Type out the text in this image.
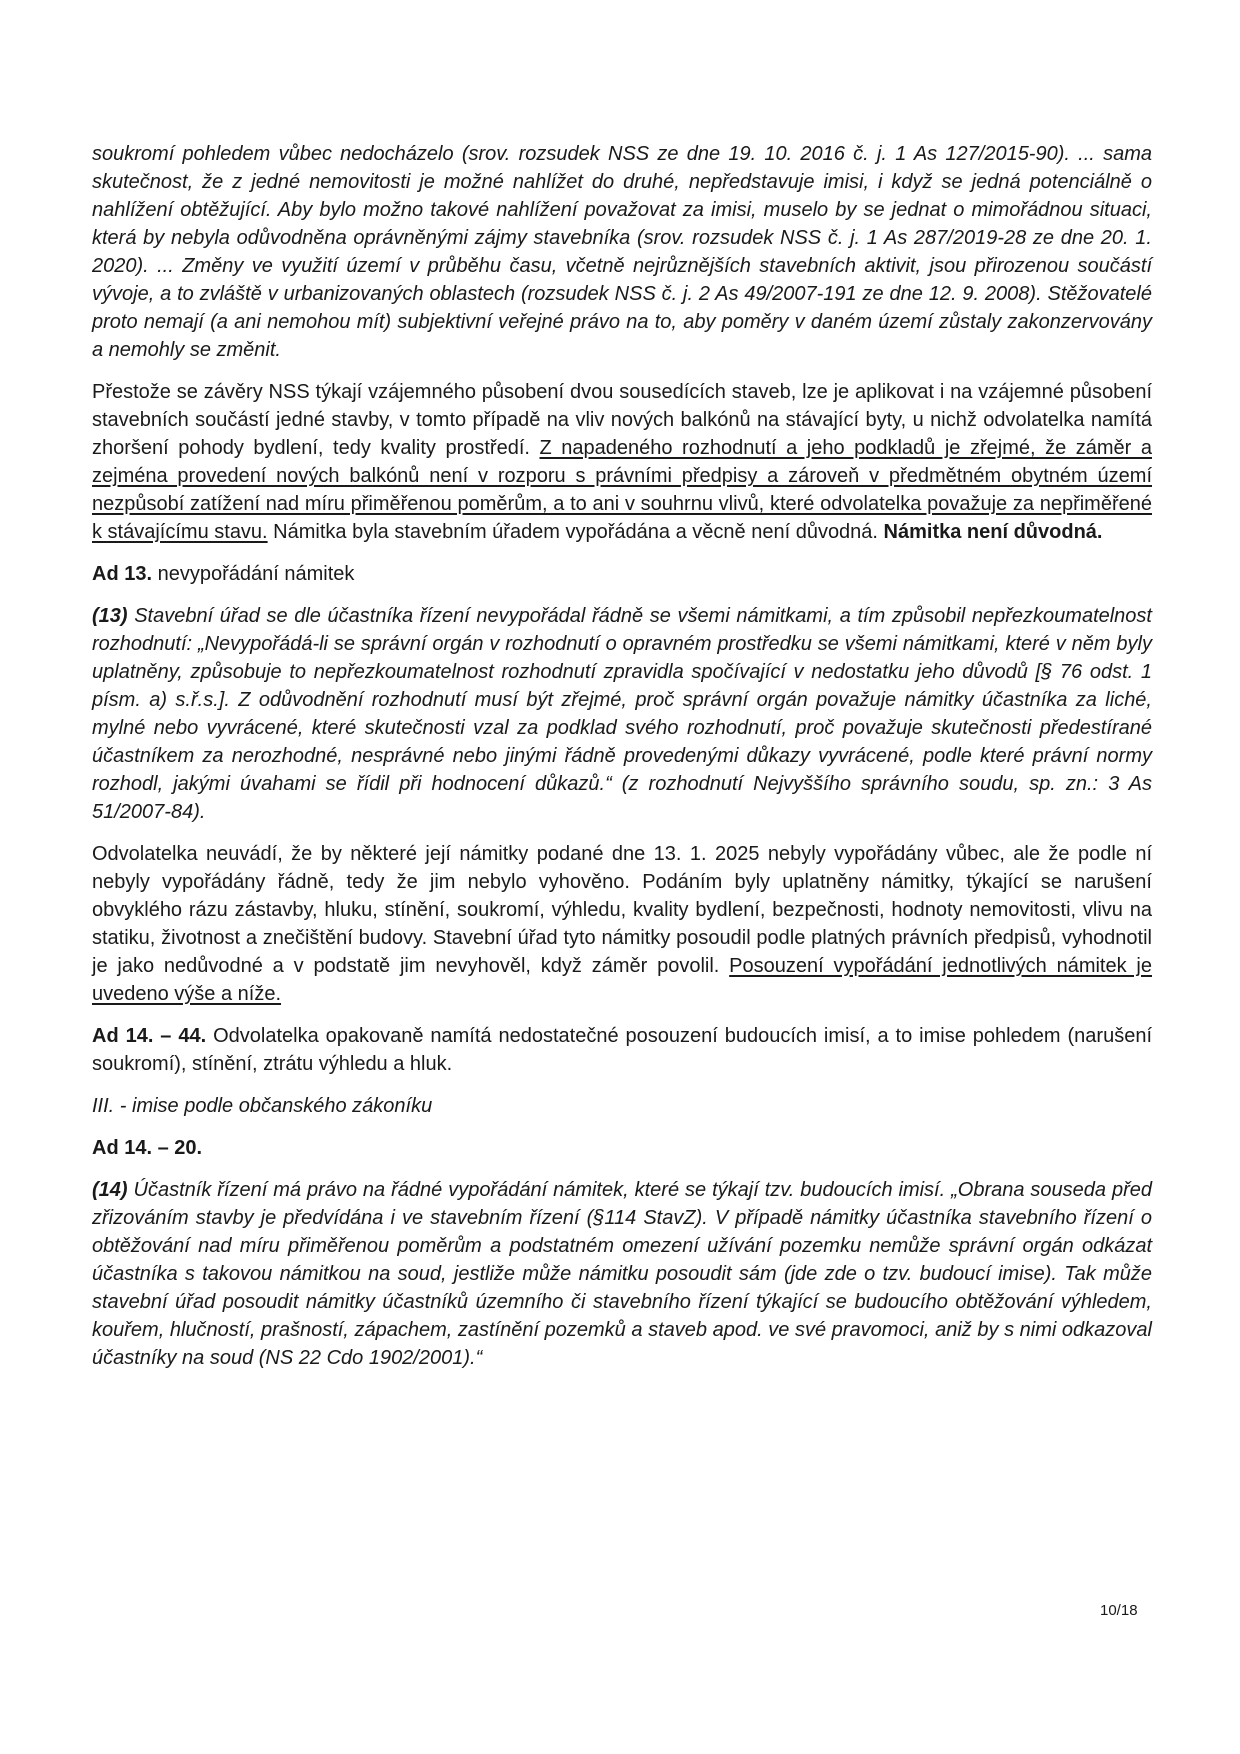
soukromí pohledem vůbec nedocházelo (srov. rozsudek NSS ze dne 19. 10. 2016 č. j. 1 As 127/2015-90). ... sama skutečnost, že z jedné nemovitosti je možné nahlížet do druhé, nepředstavuje imisi, i když se jedná potenciálně o nahlížení obtěžující. Aby bylo možno takové nahlížení považovat za imisi, muselo by se jednat o mimořádnou situaci, která by nebyla odůvodněna oprávněnými zájmy stavebníka (srov. rozsudek NSS č. j. 1 As 287/2019-28 ze dne 20. 1. 2020). ... Změny ve využití území v průběhu času, včetně nejrůznějších stavebních aktivit, jsou přirozenou součástí vývoje, a to zvláště v urbanizovaných oblastech (rozsudek NSS č. j. 2 As 49/2007-191 ze dne 12. 9. 2008). Stěžovatelé proto nemají (a ani nemohou mít) subjektivní veřejné právo na to, aby poměry v daném území zůstaly zakonzervovány a nemohly se změnit.

Přestože se závěry NSS týkají vzájemného působení dvou sousedících staveb, lze je aplikovat i na vzájemné působení stavebních součástí jedné stavby, v tomto případě na vliv nových balkónů na stávající byty, u nichž odvolatelka namítá zhoršení pohody bydlení, tedy kvality prostředí. Z napadeného rozhodnutí a jeho podkladů je zřejmé, že záměr a zejména provedení nových balkónů není v rozporu s právními předpisy a zároveň v předmětném obytném území nezpůsobí zatížení nad míru přiměřenou poměrům, a to ani v souhrnu vlivů, které odvolatelka považuje za nepřiměřené k stávajícímu stavu. Námitka byla stavebním úřadem vypořádána a věcně není důvodná. Námitka není důvodná.

Ad 13. nevypořádání námitek

(13) Stavební úřad se dle účastníka řízení nevypořádal řádně se všemi námitkami, a tím způsobil nepřezkoumatelnost rozhodnutí: „Nevypořádá-li se správní orgán v rozhodnutí o opravném prostředku se všemi námitkami, které v něm byly uplatněny, způsobuje to nepřezkoumatelnost rozhodnutí zpravidla spočívající v nedostatku jeho důvodů [§ 76 odst. 1 písm. a) s.ř.s.]. Z odůvodnění rozhodnutí musí být zřejmé, proč správní orgán považuje námitky účastníka za liché, mylné nebo vyvrácené, které skutečnosti vzal za podklad svého rozhodnutí, proč považuje skutečnosti předestírané účastníkem za nerozhodné, nesprávné nebo jinými řádně provedenými důkazy vyvrácené, podle které právní normy rozhodl, jakými úvahami se řídil při hodnocení důkazů.“ (z rozhodnutí Nejvyššího správního soudu, sp. zn.: 3 As 51/2007-84).

Odvolatelka neuvádí, že by některé její námitky podané dne 13. 1. 2025 nebyly vypořádány vůbec, ale že podle ní nebyly vypořádány řádně, tedy že jim nebylo vyhověno. Podáním byly uplatněny námitky, týkající se narušení obvyklého rázu zástavby, hluku, stínění, soukromí, výhledu, kvality bydlení, bezpečnosti, hodnoty nemovitosti, vlivu na statiku, životnost a znečištění budovy. Stavební úřad tyto námitky posoudil podle platných právních předpisů, vyhodnotil je jako nedůvodné a v podstatě jim nevyhověl, když záměr povolil. Posouzení vypořádání jednotlivých námitek je uvedeno výše a níže.

Ad 14. – 44. Odvolatelka opakovaně namítá nedostatečné posouzení budoucích imisí, a to imise pohledem (narušení soukromí), stínění, ztrátu výhledu a hluk.

III. - imise podle občanského zákoníku

Ad 14. – 20.

(14) Účastník řízení má právo na řádné vypořádání námitek, které se týkají tzv. budoucích imisí. „Obrana souseda před zřizováním stavby je předvídána i ve stavebním řízení (§114 StavZ). V případě námitky účastníka stavebního řízení o obtěžování nad míru přiměřenou poměrům a podstatném omezení užívání pozemku nemůže správní orgán odkázat účastníka s takovou námitkou na soud, jestliže může námitku posoudit sám (jde zde o tzv. budoucí imise). Tak může stavební úřad posoudit námitky účastníků územního či stavebního řízení týkající se budoucího obtěžování výhledem, kouřem, hlučností, prašností, zápachem, zastínění pozemků a staveb apod. ve své pravomoci, aniž by s nimi odkazoval účastníky na soud (NS 22 Cdo 1902/2001).“

10/18
